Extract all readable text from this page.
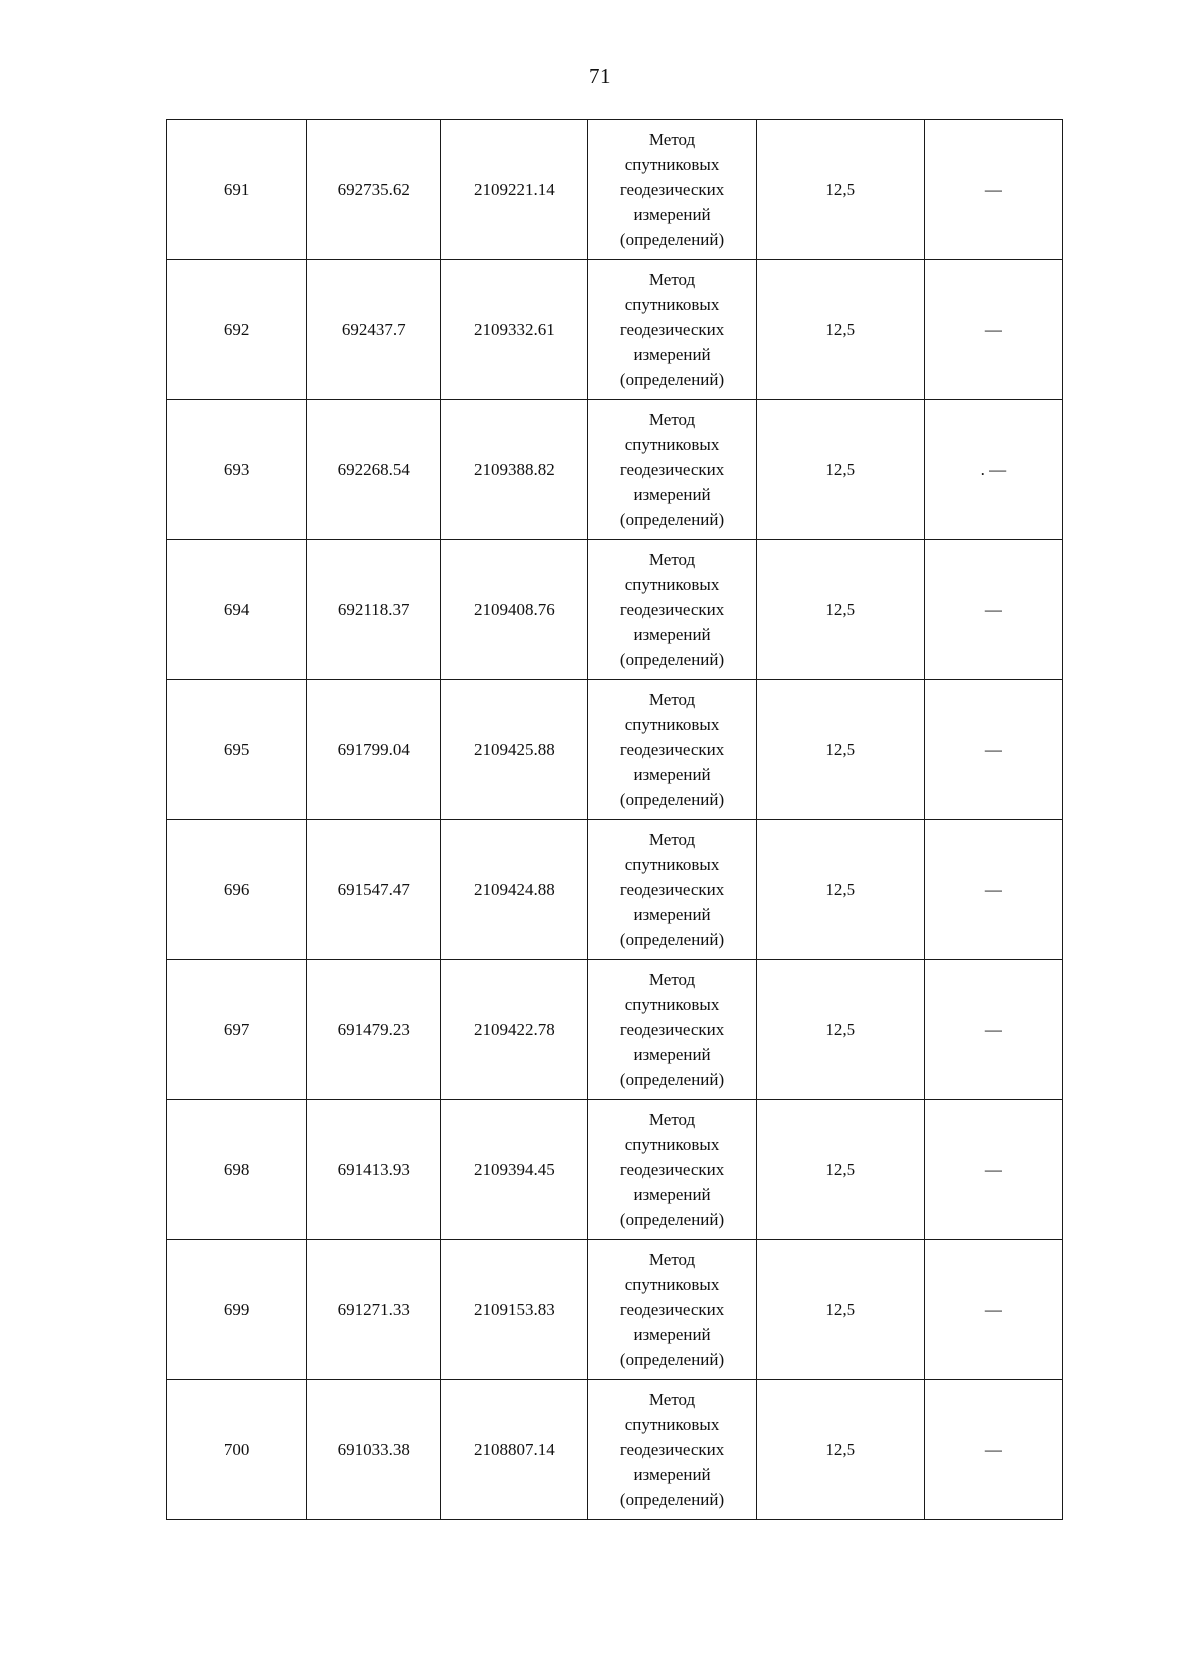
71
691	692735.62	2109221.14	Метод
спутниковых
геодезических
измерений
(определений)	12,5	—
692	692437.7	2109332.61	Метод
спутниковых
геодезических
измерений
(определений)	12,5	—
693	692268.54	2109388.82	Метод
спутниковых
геодезических
измерений
(определений)	12,5	. —
694	692118.37	2109408.76	Метод
спутниковых
геодезических
измерений
(определений)	12,5	—
695	691799.04	2109425.88	Метод
спутниковых
геодезических
измерений
(определений)	12,5	—
696	691547.47	2109424.88	Метод
спутниковых
геодезических
измерений
(определений)	12,5	—
697	691479.23	2109422.78	Метод
спутниковых
геодезических
измерений
(определений)	12,5	—
698	691413.93	2109394.45	Метод
спутниковых
геодезических
измерений
(определений)	12,5	—
699	691271.33	2109153.83	Метод
спутниковых
геодезических
измерений
(определений)	12,5	—
700	691033.38	2108807.14	Метод
спутниковых
геодезических
измерений
(определений)	12,5	—
